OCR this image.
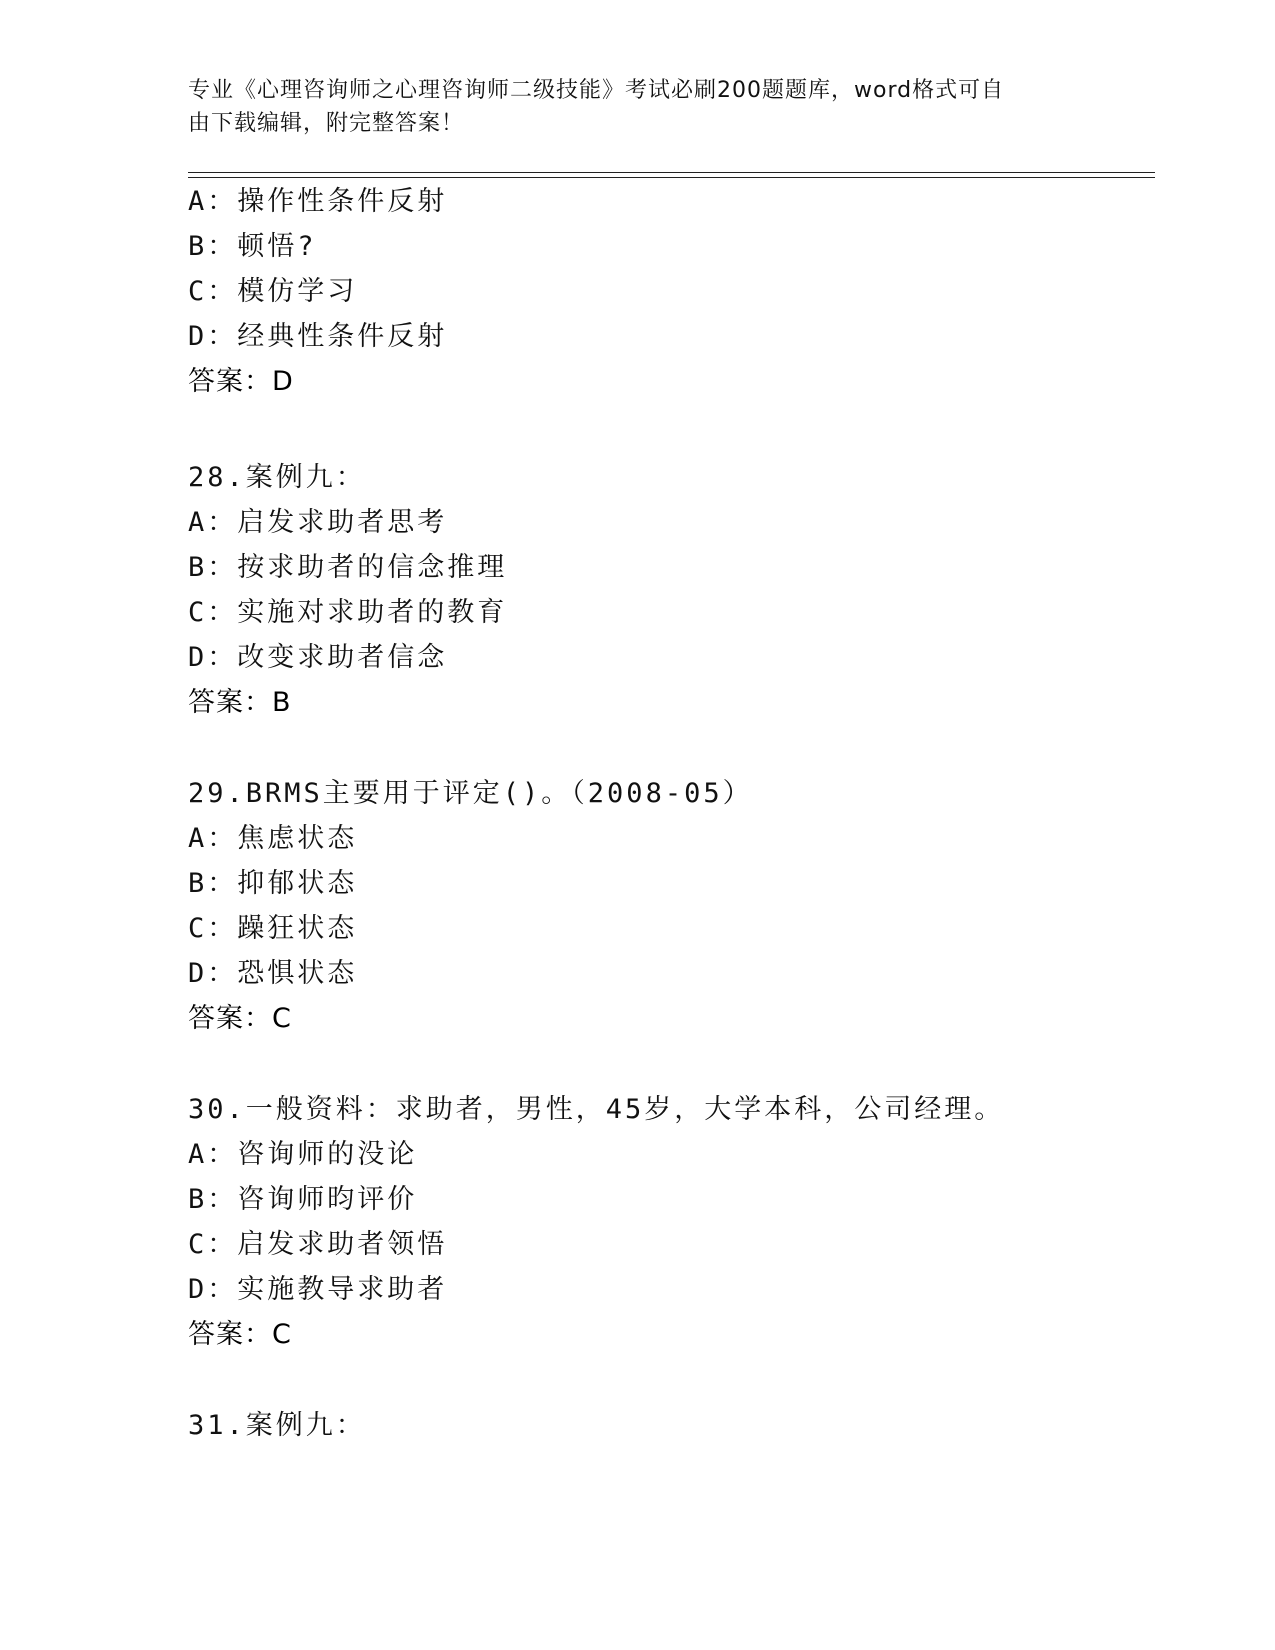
专业《心理咨询师之心理咨询师二级技能》考试必刷200题题库，word格式可自
由下载编辑，附完整答案！
A：操作性条件反射
B：顿悟?
C：模仿学习
D：经典性条件反射
答案：D
28.案例九：
A：启发求助者思考
B：按求助者的信念推理
C：实施对求助者的教育
D：改变求助者信念
答案：B
29.BRMS主要用于评定()。（2008-05）
A：焦虑状态
B：抑郁状态
C：躁狂状态
D：恐惧状态
答案：C
30.一般资料：求助者，男性，45岁，大学本科，公司经理。
A：咨询师的没论
B：咨询师昀评价
C：启发求助者领悟
D：实施教导求助者
答案：C
31.案例九：
